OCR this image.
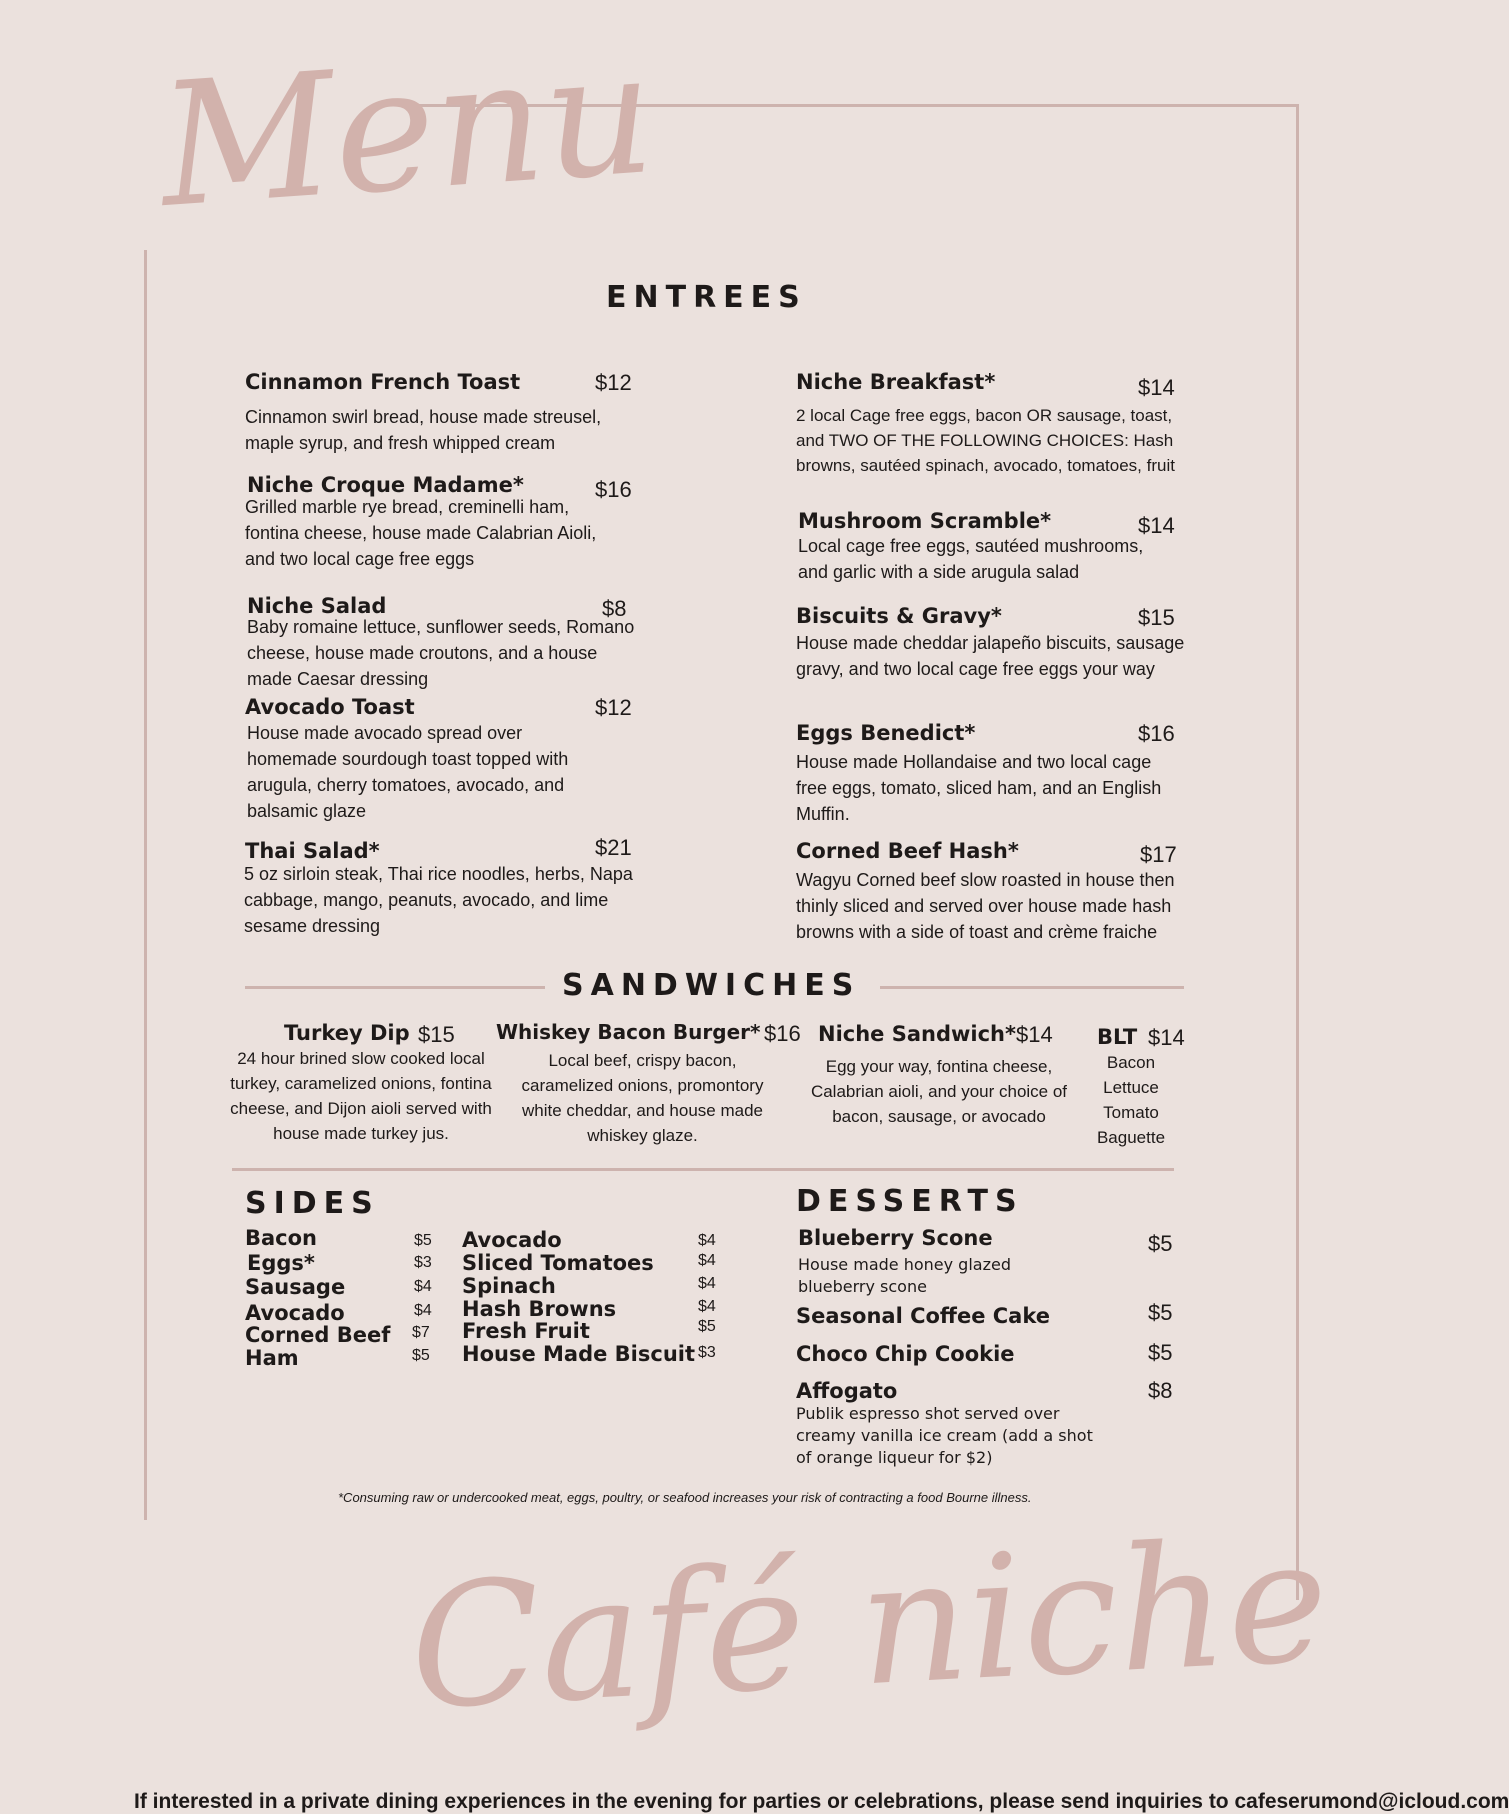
Menu
ENTREES
Cinnamon French Toast	$12
Cinnamon swirl bread, house made streusel, maple syrup, and fresh whipped cream
Niche Croque Madame*	$16
Grilled marble rye bread, creminelli ham, fontina cheese, house made Calabrian Aioli, and two local cage free eggs
Niche Salad	$8
Baby romaine lettuce, sunflower seeds, Romano cheese, house made croutons, and a house made Caesar dressing
Avocado Toast	$12
House made avocado spread over homemade sourdough toast topped with arugula, cherry tomatoes, avocado, and balsamic glaze
Thai Salad*	$21
5 oz sirloin steak, Thai rice noodles, herbs, Napa cabbage, mango, peanuts, avocado, and lime sesame dressing
Niche Breakfast*	$14
2 local Cage free eggs, bacon OR sausage, toast, and TWO OF THE FOLLOWING CHOICES: Hash browns, sautéed spinach, avocado, tomatoes, fruit
Mushroom Scramble*	$14
Local cage free eggs, sautéed mushrooms, and garlic with a side arugula salad
Biscuits & Gravy*	$15
House made cheddar jalapeño biscuits, sausage gravy, and two local cage free eggs your way
Eggs Benedict*	$16
House made Hollandaise and two local cage free eggs, tomato, sliced ham, and an English Muffin.
Corned Beef Hash*	$17
Wagyu Corned beef slow roasted in house then thinly sliced and served over house made hash browns with a side of toast and crème fraiche
SANDWICHES
Turkey Dip $15
24 hour brined slow cooked local turkey, caramelized onions, fontina cheese, and Dijon aioli served with house made turkey jus.
Whiskey Bacon Burger* $16
Local beef, crispy bacon, caramelized onions, promontory white cheddar, and house made whiskey glaze.
Niche Sandwich* $14
Egg your way, fontina cheese, Calabrian aioli, and your choice of bacon, sausage, or avocado
BLT $14
Bacon Lettuce Tomato Baguette
SIDES
Bacon	$5
Eggs*	$3
Sausage	$4
Avocado	$4
Corned Beef $7
Ham	$5
Avocado	$4
Sliced Tomatoes	$4
Spinach	$4
Hash Browns	$4
Fresh Fruit	$5
House Made Biscuit $3
DESSERTS
Blueberry Scone	$5
House made honey glazed blueberry scone
Seasonal Coffee Cake	$5
Choco Chip Cookie	$5
Affogato	$8
Publik espresso shot served over creamy vanilla ice cream (add a shot of orange liqueur for $2)
*Consuming raw or undercooked meat, eggs, poultry, or seafood increases your risk of contracting a food Bourne illness.
Café niche
If interested in a private dining experiences in the evening for parties or celebrations, please send inquiries to cafeserumond@icloud.com
